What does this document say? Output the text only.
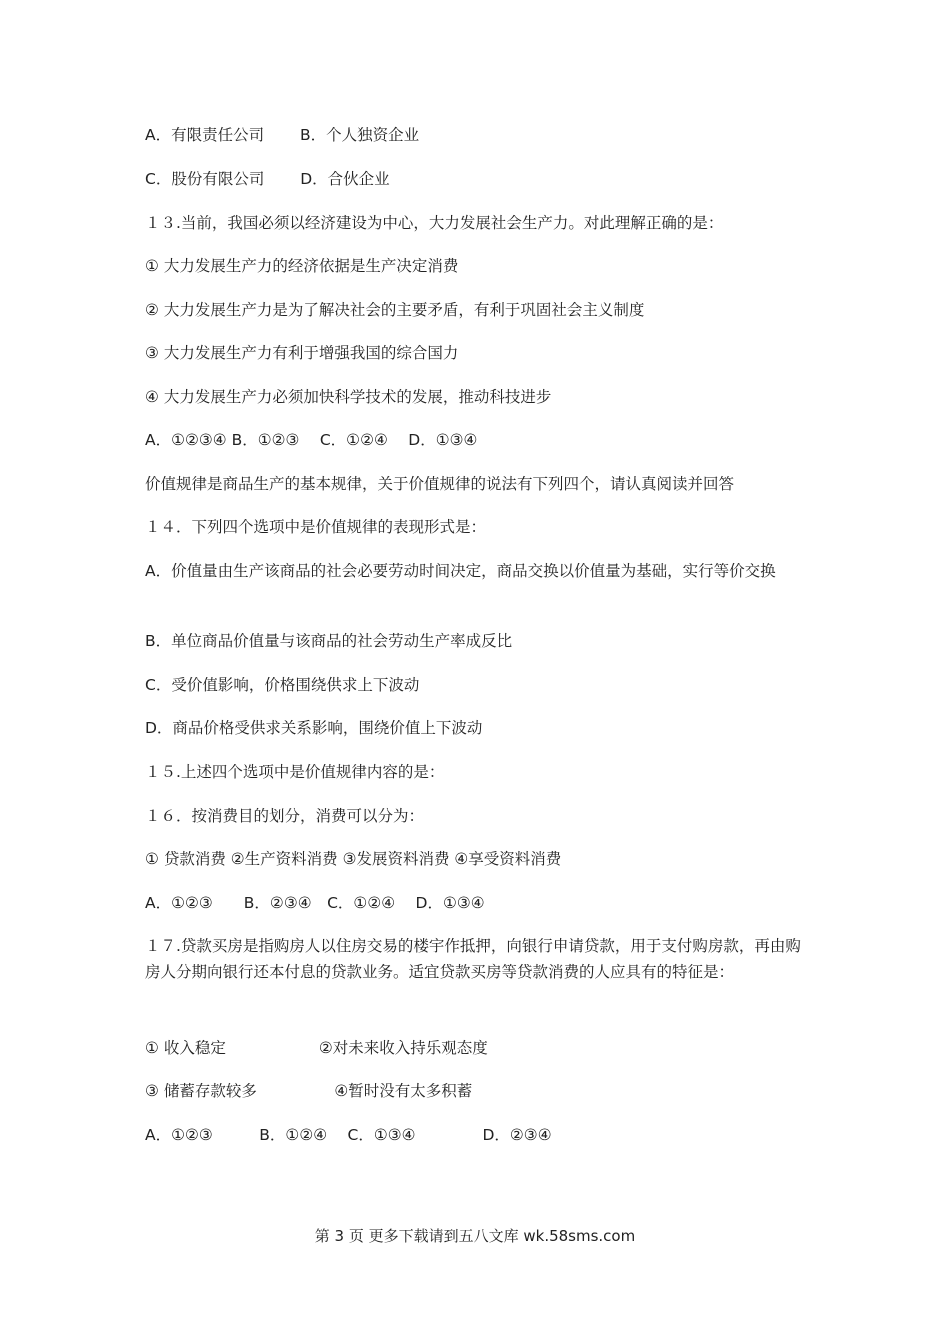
A．有限责任公司　　 B．个人独资企业
C．股份有限公司　　 D．合伙企业
１３.当前，我国必须以经济建设为中心，大力发展社会生产力。对此理解正确的是：
① 大力发展生产力的经济依据是生产决定消费
② 大力发展生产力是为了解决社会的主要矛盾，有利于巩固社会主义制度
③ 大力发展生产力有利于增强我国的综合国力
④ 大力发展生产力必须加快科学技术的发展，推动科技进步
A．①②③④ B．①②③　 C．①②④　 D．①③④
价值规律是商品生产的基本规律，关于价值规律的说法有下列四个，请认真阅读并回答
１４．下列四个选项中是价值规律的表现形式是：
A．价值量由生产该商品的社会必要劳动时间决定，商品交换以价值量为基础，实行等价交换
B．单位商品价值量与该商品的社会劳动生产率成反比
C．受价值影响，价格围绕供求上下波动
D．商品价格受供求关系影响，围绕价值上下波动
１５.上述四个选项中是价值规律内容的是：
１６．按消费目的划分，消费可以分为：
① 贷款消费 ②生产资料消费 ③发展资料消费 ④享受资料消费
A．①②③　　B．②③④　C．①②④　 D．①③④
１７.贷款买房是指购房人以住房交易的楼宇作抵押，向银行申请贷款，用于支付购房款，再由购房人分期向银行还本付息的贷款业务。适宜贷款买房等贷款消费的人应具有的特征是：
① 收入稳定　　　　　　②对未来收入持乐观态度
③ 储蓄存款较多　　　　　④暂时没有太多积蓄
A．①②③　　　B．①②④　 C．①③④　　　　 D．②③④
第 3 页 更多下载请到五八文库 wk.58sms.com
